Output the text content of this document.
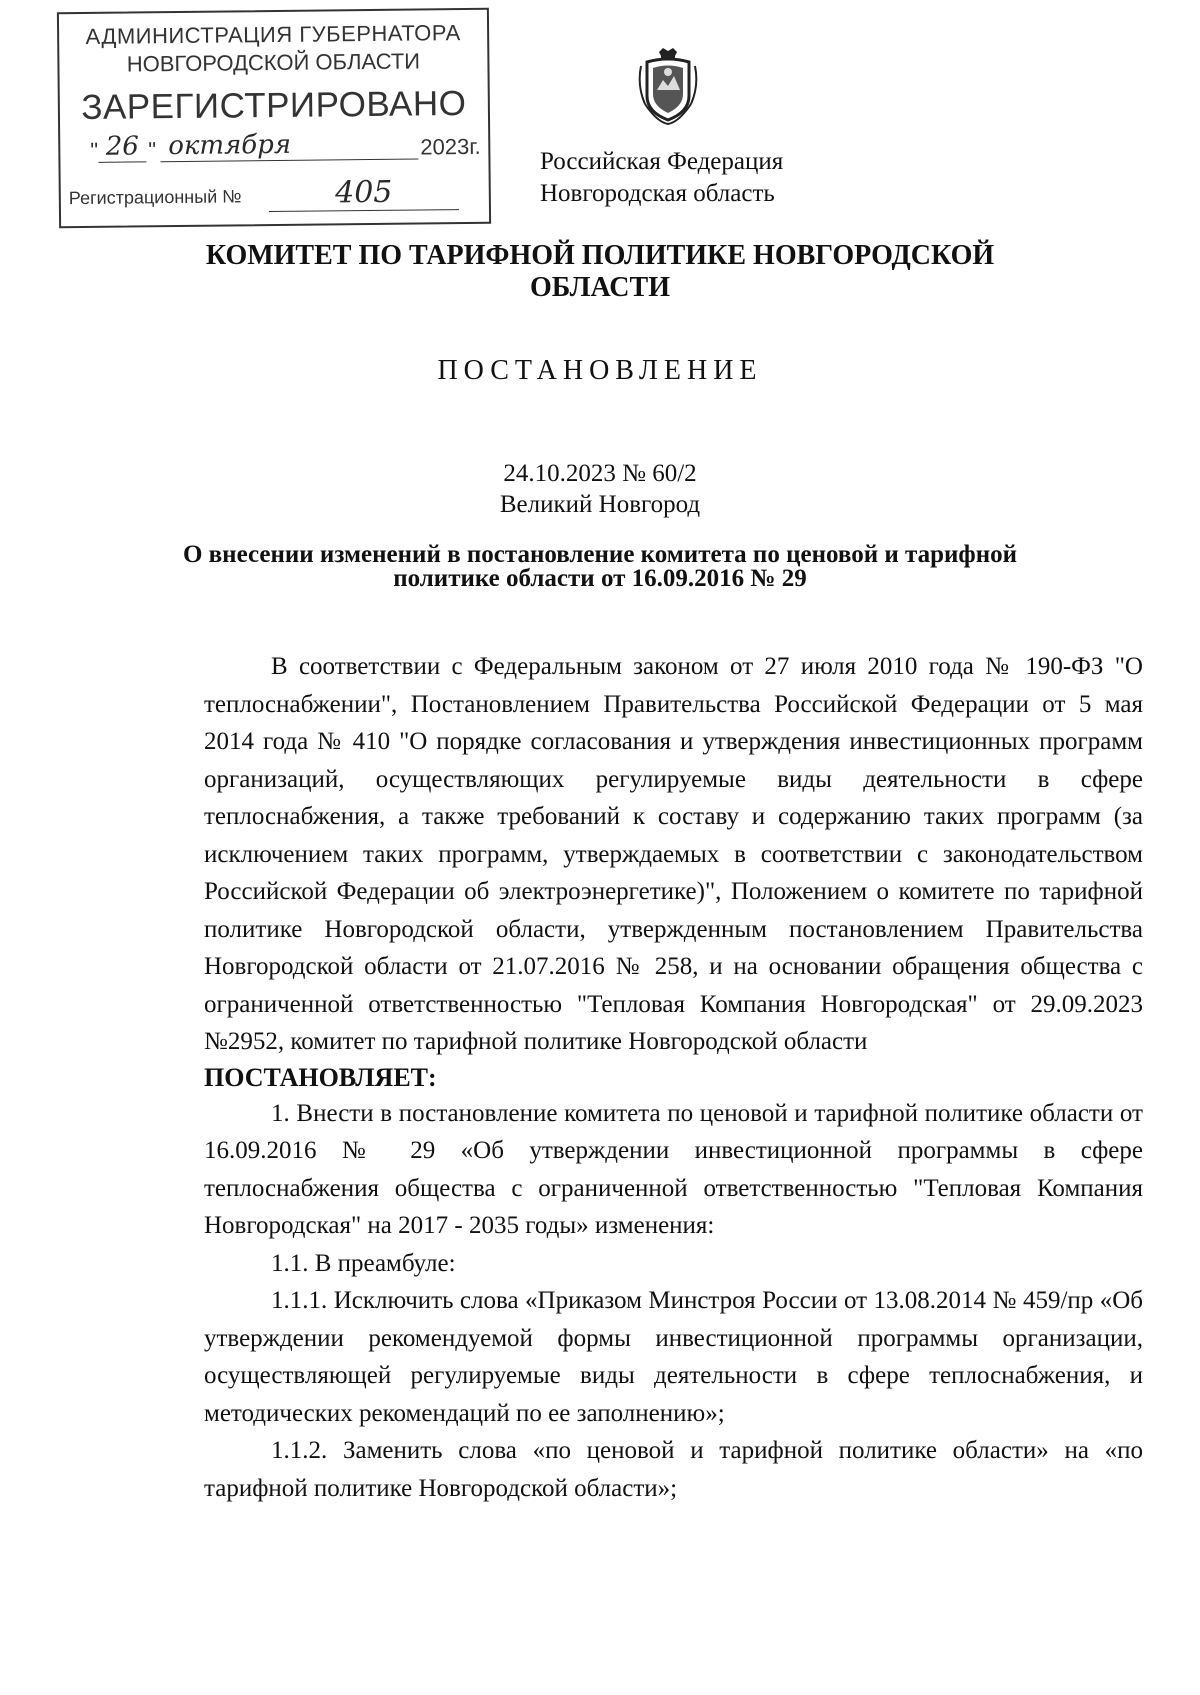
АДМИНИСТРАЦИЯ ГУБЕРНАТОРА
НОВГОРОДСКОЙ ОБЛАСТИ
ЗАРЕГИСТРИРОВАНО
" 26 " октября	2023г.
Регистрационный №	405
Российская Федерация
Новгородская область
КОМИТЕТ ПО ТАРИФНОЙ ПОЛИТИКЕ НОВГОРОДСКОЙ ОБЛАСТИ
ПОСТАНОВЛЕНИЕ
24.10.2023 № 60/2
Великий Новгород
О внесении изменений в постановление комитета по ценовой и тарифной политике области от 16.09.2016 № 29

В соответствии с Федеральным законом от 27 июля 2010 года № 190-ФЗ "О теплоснабжении", Постановлением Правительства Российской Федерации от 5 мая 2014 года № 410 "О порядке согласования и утверждения инвестиционных программ организаций, осуществляющих регулируемые виды деятельности в сфере теплоснабжения, а также требований к составу и содержанию таких программ (за исключением таких программ, утверждаемых в соответствии с законодательством Российской Федерации об электроэнергетике)", Положением о комитете по тарифной политике Новгородской области, утвержденным постановлением Правительства Новгородской области от 21.07.2016 № 258, и на основании обращения общества с ограниченной ответственностью "Тепловая Компания Новгородская" от 29.09.2023 №2952, комитет по тарифной политике Новгородской области

ПОСТАНОВЛЯЕТ:

1. Внести в постановление комитета по ценовой и тарифной политике области от 16.09.2016 № 29 «Об утверждении инвестиционной программы в сфере теплоснабжения общества с ограниченной ответственностью "Тепловая Компания Новгородская" на 2017 - 2035 годы» изменения:

1.1. В преамбуле:

1.1.1. Исключить слова «Приказом Минстроя России от 13.08.2014 № 459/пр «Об утверждении рекомендуемой формы инвестиционной программы организации, осуществляющей регулируемые виды деятельности в сфере теплоснабжения, и методических рекомендаций по ее заполнению»;

1.1.2. Заменить слова «по ценовой и тарифной политике области» на «по тарифной политике Новгородской области»;
